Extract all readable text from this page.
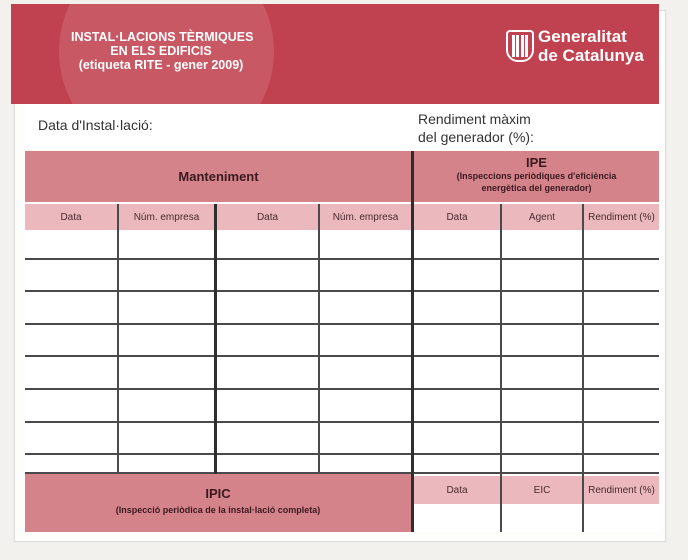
INSTAL·LACIONS TÈRMIQUES
EN ELS EDIFICIS
(etiqueta RITE - gener 2009)
Generalitat
de Catalunya
Data d'Instal·lació:	Rendiment màxim
del generador (%):
Manteniment
IPE
(Inspeccions periòdiques d'eficiència
energètica del generador)
Data	Núm. empresa	Data	Núm. empresa	Data	Agent	Rendiment (%)
IPIC
(Inspecció periòdica de la instal·lació completa)
Data	EIC	Rendiment (%)
